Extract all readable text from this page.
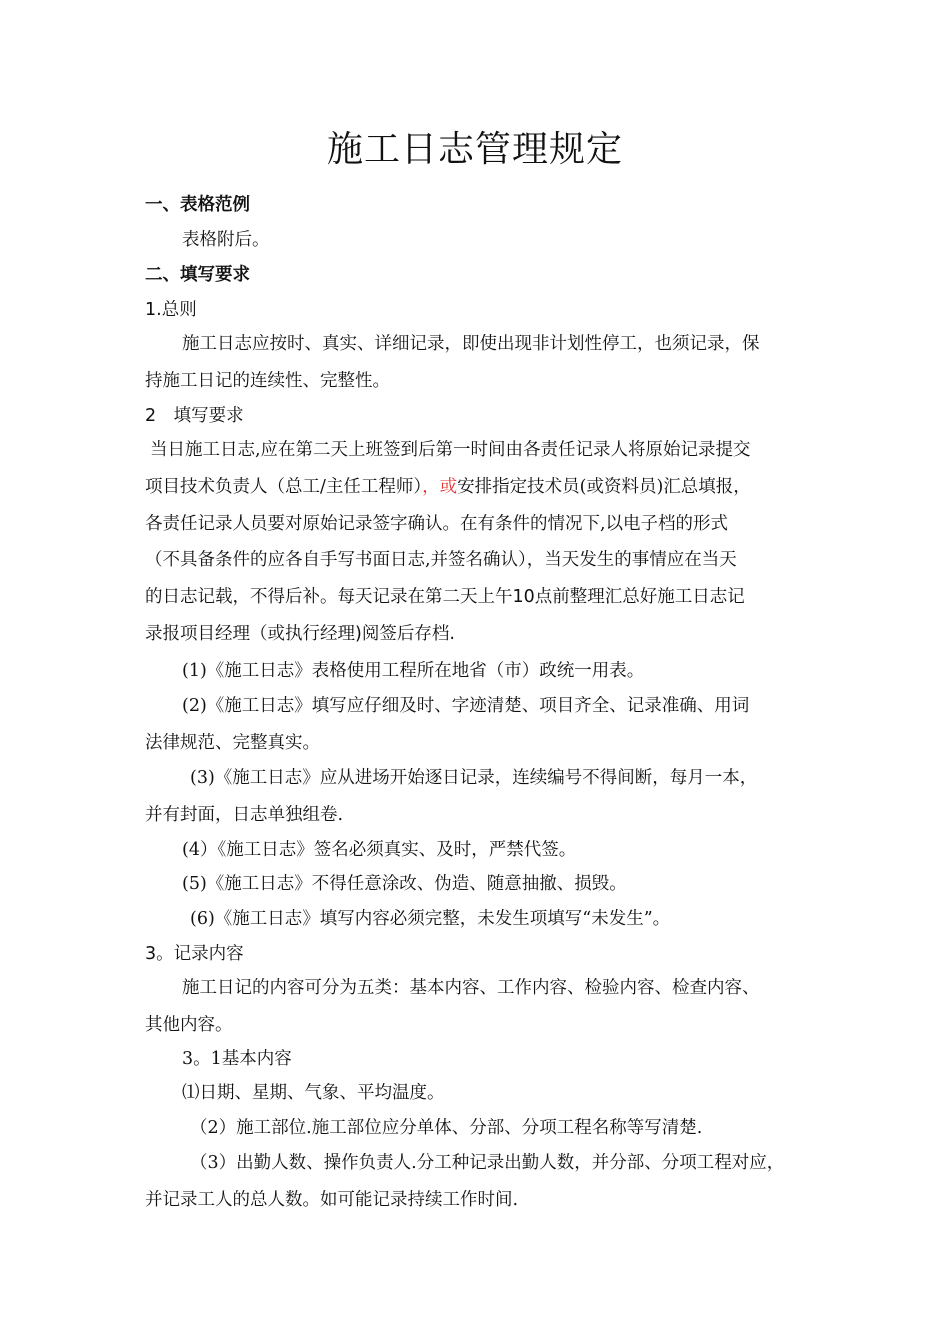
施工日志管理规定
一、表格范例
表格附后。
二、填写要求
1.总则
施工日志应按时、真实、详细记录，即使出现非计划性停工，也须记录，保
持施工日记的连续性、完整性。
2　填写要求
当日施工日志,应在第二天上班签到后第一时间由各责任记录人将原始记录提交
项目技术负责人（总工/主任工程师），或安排指定技术员(或资料员)汇总填报，
各责任记录人员要对原始记录签字确认。在有条件的情况下,以电子档的形式
（不具备条件的应各自手写书面日志,并签名确认），当天发生的事情应在当天
的日志记载，不得后补。每天记录在第二天上午10点前整理汇总好施工日志记
录报项目经理（或执行经理)阅签后存档.
(1)《施工日志》表格使用工程所在地省（市）政统一用表。
(2)《施工日志》填写应仔细及时、字迹清楚、项目齐全、记录准确、用词
法律规范、完整真实。
(3)《施工日志》应从进场开始逐日记录，连续编号不得间断，每月一本，
并有封面，日志单独组卷.
(4）《施工日志》签名必须真实、及时，严禁代签。
(5)《施工日志》不得任意涂改、伪造、随意抽撤、损毁。
(6)《施工日志》填写内容必须完整，未发生项填写“未发生”。
3。记录内容
施工日记的内容可分为五类：基本内容、工作内容、检验内容、检查内容、
其他内容。
3。1基本内容
⑴日期、星期、气象、平均温度。
（2）施工部位.施工部位应分单体、分部、分项工程名称等写清楚.
（3）出勤人数、操作负责人.分工种记录出勤人数，并分部、分项工程对应，
并记录工人的总人数。如可能记录持续工作时间.
